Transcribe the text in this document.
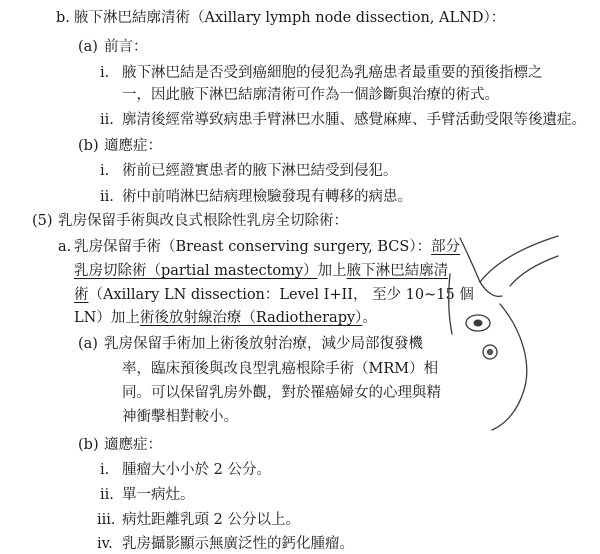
b. 腋下淋巴結廓清術（Axillary lymph node dissection, ALND）：
(a) 前言：
i. 腋下淋巴結是否受到癌細胞的侵犯為乳癌患者最重要的預後指標之
一，因此腋下淋巴結廓清術可作為一個診斷與治療的術式。
ii. 廓清後經常導致病患手臂淋巴水腫、感覺麻痺、手臂活動受限等後遺症。
(b) 適應症：
i. 術前已經證實患者的腋下淋巴結受到侵犯。
ii. 術中前哨淋巴結病理檢驗發現有轉移的病患。
(5) 乳房保留手術與改良式根除性乳房全切除術：
a. 乳房保留手術（Breast conserving surgery, BCS）：部分
乳房切除術（partial mastectomy）加上腋下淋巴結廓清
術（Axillary LN dissection：Level I+II， 至少 10~15 個
LN）加上術後放射線治療（Radiotherapy）。
(a) 乳房保留手術加上術後放射治療，減少局部復發機
率，臨床預後與改良型乳癌根除手術（MRM）相
同。可以保留乳房外觀，對於罹癌婦女的心理與精
神衝擊相對較小。
(b) 適應症：
i. 腫瘤大小小於 2 公分。
ii. 單一病灶。
iii. 病灶距離乳頭 2 公分以上。
iv. 乳房攝影顯示無廣泛性的鈣化腫瘤。
